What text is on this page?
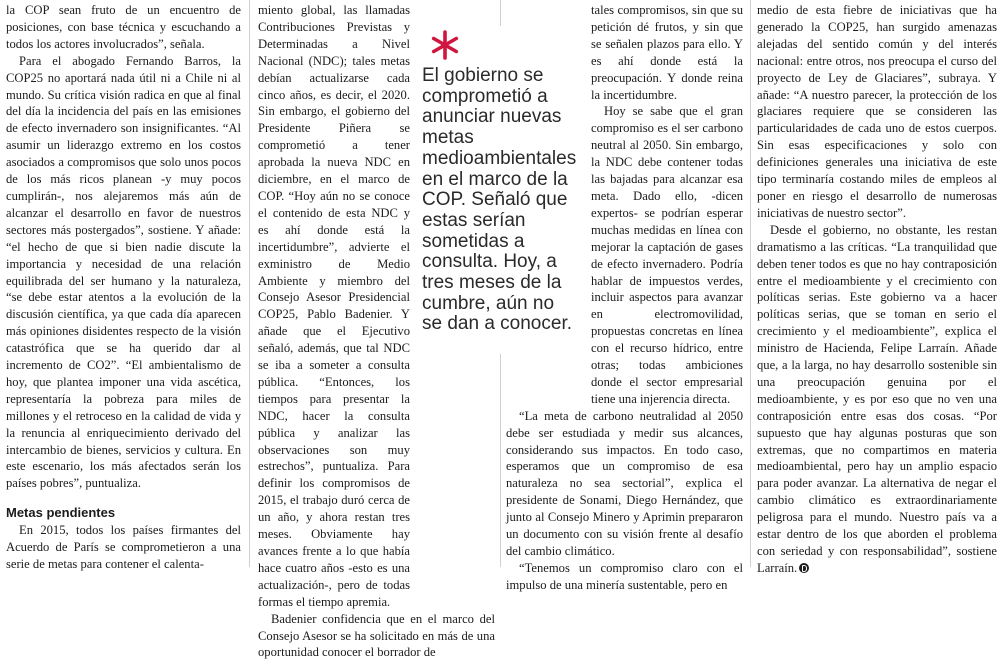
la COP sean fruto de un encuentro de posiciones, con base técnica y escuchando a todos los actores involucrados”, señala.

Para el abogado Fernando Barros, la COP25 no aportará nada útil ni a Chile ni al mundo. Su crítica visión radica en que al final del día la incidencia del país en las emisiones de efecto invernadero son insignificantes. “Al asumir un liderazgo extremo en los costos asociados a compromisos que solo unos pocos de los más ricos planean -y muy pocos cumplirán-, nos alejaremos más aún de alcanzar el desarrollo en favor de nuestros sectores más postergados”, sostiene. Y añade: “el hecho de que si bien nadie discute la importancia y necesidad de una relación equilibrada del ser humano y la naturaleza, “se debe estar atentos a la evolución de la discusión científica, ya que cada día aparecen más opiniones disidentes respecto de la visión catastrófica que se ha querido dar al incremento de CO2”. “El ambientalismo de hoy, que plantea imponer una vida ascética, representaría la pobreza para miles de millones y el retroceso en la calidad de vida y la renuncia al enriquecimiento derivado del intercambio de bienes, servicios y cultura. En este escenario, los más afectados serán los países pobres”, puntualiza.

Metas pendientes

En 2015, todos los países firmantes del Acuerdo de París se comprometieron a una serie de metas para contener el calenta-

miento global, las llamadas Contribuciones Previstas y Determinadas a Nivel Nacional (NDC); tales metas debían actualizarse cada cinco años, es decir, el 2020. Sin embargo, el gobierno del Presidente Piñera se comprometió a tener aprobada la nueva NDC en diciembre, en el marco de COP. “Hoy aún no se conoce el contenido de esta NDC y es ahí donde está la incertidumbre”, advierte el exministro de Medio Ambiente y miembro del Consejo Asesor Presidencial COP25, Pablo Badenier. Y añade que el Ejecutivo señaló, además, que tal NDC se iba a someter a consulta pública. “Entonces, los tiempos para presentar la NDC, hacer la consulta pública y analizar las observaciones son muy estrechos”, puntualiza. Para definir los compromisos de 2015, el trabajo duró cerca de un año, y ahora restan tres meses. Obviamente hay avances frente a lo que había hace cuatro años -esto es una actualización-, pero de todas formas el tiempo apremia.

Badenier confidencia que en el marco del Consejo Asesor se ha solicitado en más de una oportunidad conocer el borrador de

tales compromisos, sin que su petición dé frutos, y sin que se señalen plazos para ello. Y es ahí donde está la preocupación. Y donde reina la incertidumbre.

Hoy se sabe que el gran compromiso es el ser carbono neutral al 2050. Sin embargo, la NDC debe contener todas las bajadas para alcanzar esa meta. Dado ello, -dicen expertos- se podrían esperar muchas medidas en línea con mejorar la captación de gases de efecto invernadero. Podría hablar de impuestos verdes, incluir aspectos para avanzar en electromovilidad, propuestas concretas en línea con el recurso hídrico, entre otras; todas ambiciones donde el sector empresarial tiene una injerencia directa.

“La meta de carbono neutralidad al 2050 debe ser estudiada y medir sus alcances, considerando sus impactos. En todo caso, esperamos que un compromiso de esa naturaleza no sea sectorial”, explica el presidente de Sonami, Diego Hernández, que junto al Consejo Minero y Aprimin prepararon un documento con su visión frente al desafío del cambio climático.

“Tenemos un compromiso claro con el impulso de una minería sustentable, pero en

medio de esta fiebre de iniciativas que ha generado la COP25, han surgido amenazas alejadas del sentido común y del interés nacional: entre otros, nos preocupa el curso del proyecto de Ley de Glaciares”, subraya. Y añade: “A nuestro parecer, la protección de los glaciares requiere que se consideren las particularidades de cada uno de estos cuerpos. Sin esas especificaciones y solo con definiciones generales una iniciativa de este tipo terminaría costando miles de empleos al poner en riesgo el desarrollo de numerosas iniciativas de nuestro sector”.

Desde el gobierno, no obstante, les restan dramatismo a las críticas. “La tranquilidad que deben tener todos es que no hay contraposición entre el medioambiente y el crecimiento con políticas serias. Este gobierno va a hacer políticas serias, que se toman en serio el crecimiento y el medioambiente”, explica el ministro de Hacienda, Felipe Larraín. Añade que, a la larga, no hay desarrollo sostenible sin una preocupación genuina por el medioambiente, y es por eso que no ven una contraposición entre esas dos cosas. “Por supuesto que hay algunas posturas que son extremas, que no compartimos en materia medioambiental, pero hay un amplio espacio para poder avanzar. La alternativa de negar el cambio climático es extraordinariamente peligrosa para el mundo. Nuestro país va a estar dentro de los que aborden el problema con seriedad y con responsabilidad”, sostiene Larraín.

El gobierno se comprometió a anunciar nuevas metas medioambientales en el marco de la COP. Señaló que estas serían sometidas a consulta. Hoy, a tres meses de la cumbre, aún no se dan a conocer.
